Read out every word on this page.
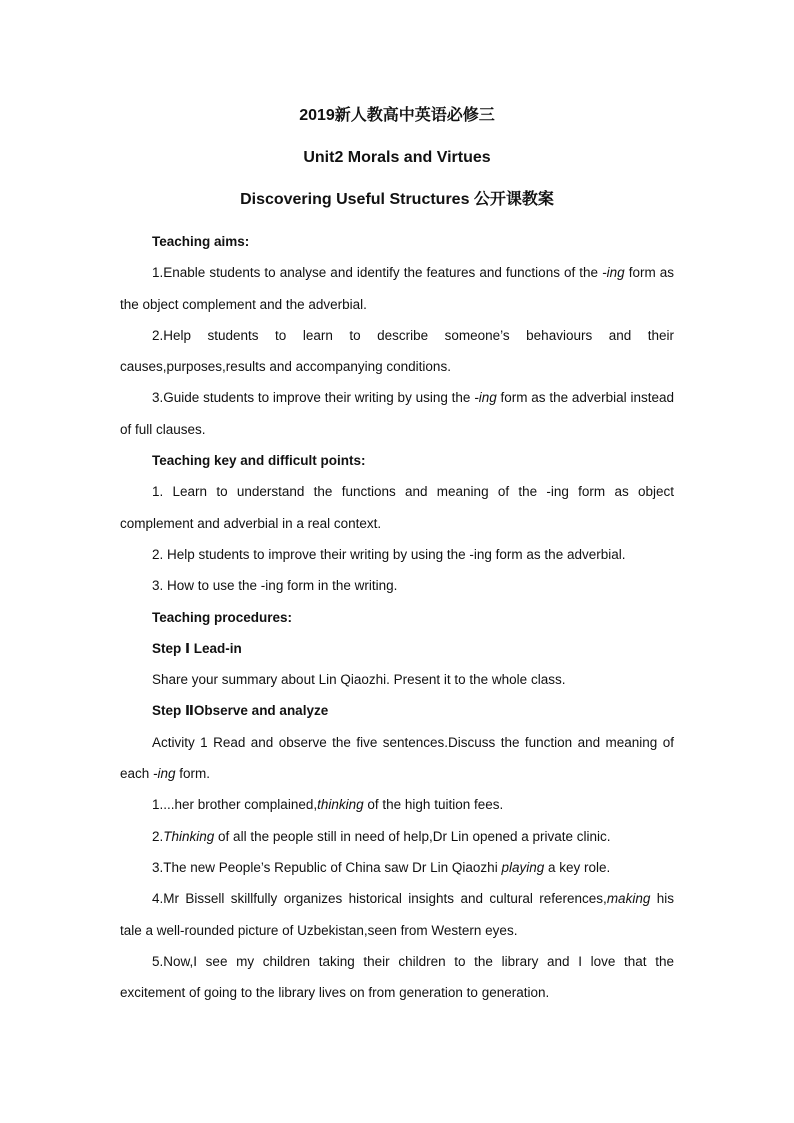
2019新人教高中英语必修三
Unit2 Morals and Virtues
Discovering Useful Structures 公开课教案

Teaching aims:

1.Enable students to analyse and identify the features and functions of the -ing form as the object complement and the adverbial.

2.Help students to learn to describe someone’s behaviours and their causes,purposes,results and accompanying conditions.

3.Guide students to improve their writing by using the -ing form as the adverbial instead of full clauses.

Teaching key and difficult points:

1. Learn to understand the functions and meaning of the -ing form as object complement and adverbial in a real context.

2. Help students to improve their writing by using the -ing form as the adverbial.

3. How to use the -ing form in the writing.

Teaching procedures:

Step Ⅰ Lead-in

Share your summary about Lin Qiaozhi. Present it to the whole class.

Step ⅡObserve and analyze

Activity 1 Read and observe the five sentences.Discuss the function and meaning of each -ing form.

1....her brother complained,thinking of the high tuition fees.

2.Thinking of all the people still in need of help,Dr Lin opened a private clinic.

3.The new People’s Republic of China saw Dr Lin Qiaozhi playing a key role.

4.Mr Bissell skillfully organizes historical insights and cultural references,making his tale a well-rounded picture of Uzbekistan,seen from Western eyes.

5.Now,I see my children taking their children to the library and I love that the excitement of going to the library lives on from generation to generation.
